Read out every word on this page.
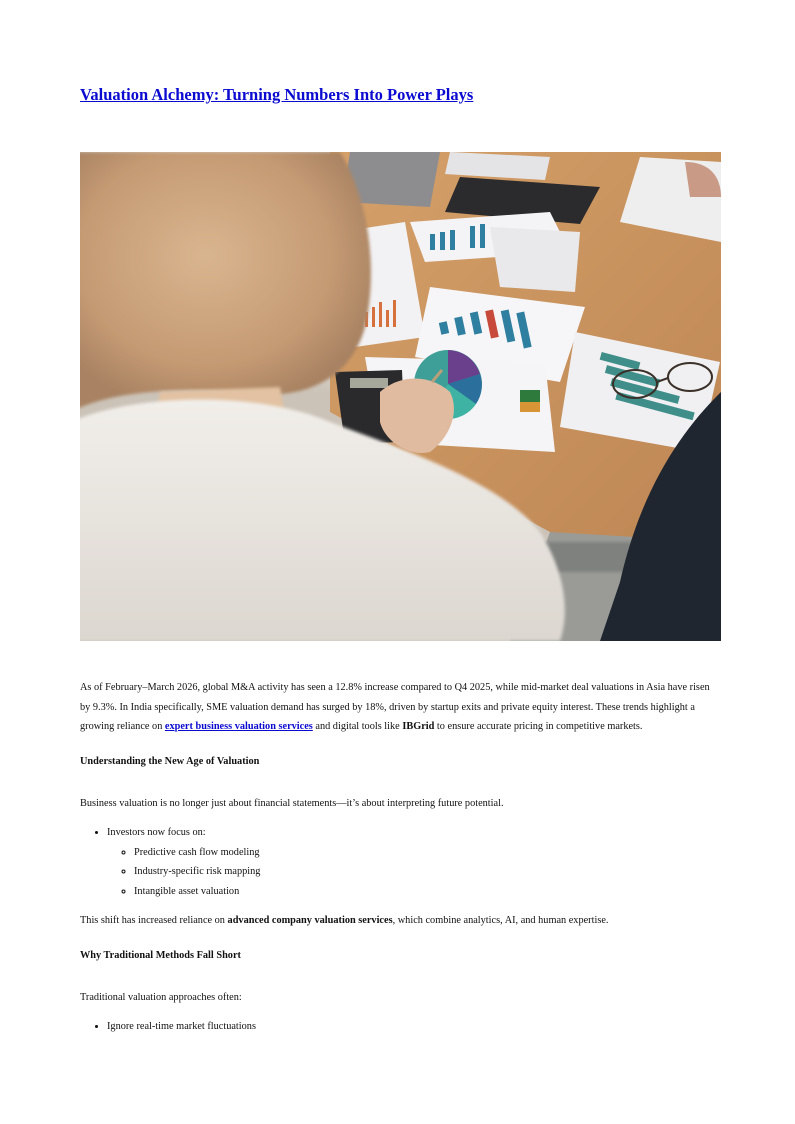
Valuation Alchemy: Turning Numbers Into Power Plays

As of February–March 2026, global M&A activity has seen a 12.8% increase compared to Q4 2025, while mid-market deal valuations in Asia have risen by 9.3%. In India specifically, SME valuation demand has surged by 18%, driven by startup exits and private equity interest. These trends highlight a growing reliance on expert business valuation services and digital tools like IBGrid to ensure accurate pricing in competitive markets.

Understanding the New Age of Valuation

Business valuation is no longer just about financial statements—it’s about interpreting future potential.

• Investors now focus on:
◦ Predictive cash flow modeling
◦ Industry-specific risk mapping
◦ Intangible asset valuation

This shift has increased reliance on advanced company valuation services, which combine analytics, AI, and human expertise.

Why Traditional Methods Fall Short

Traditional valuation approaches often:

• Ignore real-time market fluctuations
